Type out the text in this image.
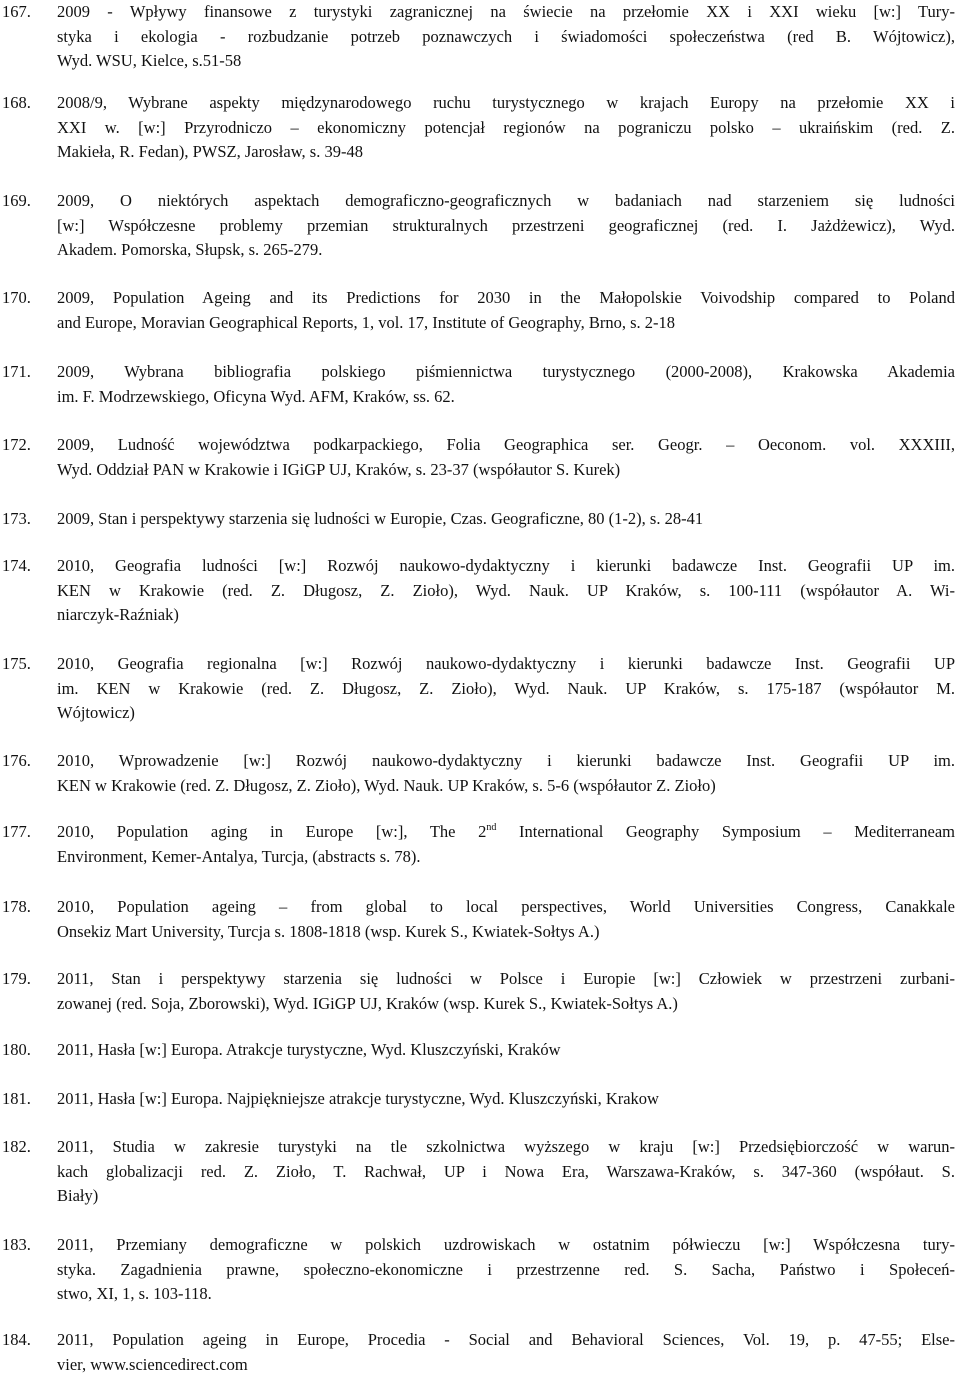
167. 2009 - Wpływy finansowe z turystyki zagranicznej na świecie na przełomie XX i XXI wieku [w:] Tury-
styka i ekologia - rozbudzanie potrzeb poznawczych i świadomości społeczeństwa (red B. Wójtowicz),
Wyd. WSU, Kielce, s.51-58
168. 2008/9, Wybrane aspekty międzynarodowego ruchu turystycznego w krajach Europy na przełomie XX i
XXI w. [w:] Przyrodniczo – ekonomiczny potencjał regionów na pograniczu polsko – ukraińskim (red. Z.
Makieła, R. Fedan), PWSZ, Jarosław, s. 39-48
169. 2009, O niektórych aspektach demograficzno-geograficznych w badaniach nad starzeniem się ludności
[w:] Współczesne problemy przemian strukturalnych przestrzeni geograficznej (red. I. Jażdżewicz), Wyd.
Akadem. Pomorska, Słupsk, s. 265-279.
170. 2009, Population Ageing and its Predictions for 2030 in the Małopolskie Voivodship compared to Poland
and Europe, Moravian Geographical Reports, 1, vol. 17, Institute of Geography, Brno, s. 2-18
171. 2009, Wybrana bibliografia polskiego piśmiennictwa turystycznego (2000-2008), Krakowska Akademia
im. F. Modrzewskiego, Oficyna Wyd. AFM, Kraków, ss. 62.
172. 2009, Ludność województwa podkarpackiego, Folia Geographica ser. Geogr. – Oeconom. vol. XXXIII,
Wyd. Oddział PAN w Krakowie i IGiGP UJ, Kraków, s. 23-37 (współautor S. Kurek)
173. 2009, Stan i perspektywy starzenia się ludności w Europie, Czas. Geograficzne, 80 (1-2), s. 28-41
174. 2010, Geografia ludności [w:] Rozwój naukowo-dydaktyczny i kierunki badawcze Inst. Geografii UP im.
KEN w Krakowie (red. Z. Długosz, Z. Zioło), Wyd. Nauk. UP Kraków, s. 100-111 (współautor A. Wi-
niarczyk-Raźniak)
175. 2010, Geografia regionalna [w:] Rozwój naukowo-dydaktyczny i kierunki badawcze Inst. Geografii UP
im. KEN w Krakowie (red. Z. Długosz, Z. Zioło), Wyd. Nauk. UP Kraków, s. 175-187 (współautor M.
Wójtowicz)
176. 2010, Wprowadzenie [w:] Rozwój naukowo-dydaktyczny i kierunki badawcze Inst. Geografii UP im.
KEN w Krakowie (red. Z. Długosz, Z. Zioło), Wyd. Nauk. UP Kraków, s. 5-6 (współautor Z. Zioło)
177. 2010, Population aging in Europe [w:], The 2nd International Geography Symposium – Mediterraneam
Environment, Kemer-Antalya, Turcja, (abstracts s. 78).
178. 2010, Population ageing – from global to local perspectives, World Universities Congress, Canakkale
Onsekiz Mart University, Turcja s. 1808-1818 (wsp. Kurek S., Kwiatek-Sołtys A.)
179. 2011, Stan i perspektywy starzenia się ludności w Polsce i Europie [w:] Człowiek w przestrzeni zurbani-
zowanej (red. Soja, Zborowski), Wyd. IGiGP UJ, Kraków (wsp. Kurek S., Kwiatek-Sołtys A.)
180. 2011, Hasła [w:] Europa. Atrakcje turystyczne, Wyd. Kluszczyński, Kraków
181. 2011, Hasła [w:] Europa. Najpiękniejsze atrakcje turystyczne, Wyd. Kluszczyński, Krakow
182. 2011, Studia w zakresie turystyki na tle szkolnictwa wyższego w kraju [w:] Przedsiębiorczość w warun-
kach globalizacji red. Z. Zioło, T. Rachwał, UP i Nowa Era, Warszawa-Kraków, s. 347-360 (współaut. S.
Biały)
183. 2011, Przemiany demograficzne w polskich uzdrowiskach w ostatnim półwieczu [w:] Współczesna tury-
styka. Zagadnienia prawne, społeczno-ekonomiczne i przestrzenne red. S. Sacha, Państwo i Społeceń-
stwo, XI, 1, s. 103-118.
184. 2011, Population ageing in Europe, Procedia - Social and Behavioral Sciences, Vol. 19, p. 47-55; Else-
vier, www.sciencedirect.com
